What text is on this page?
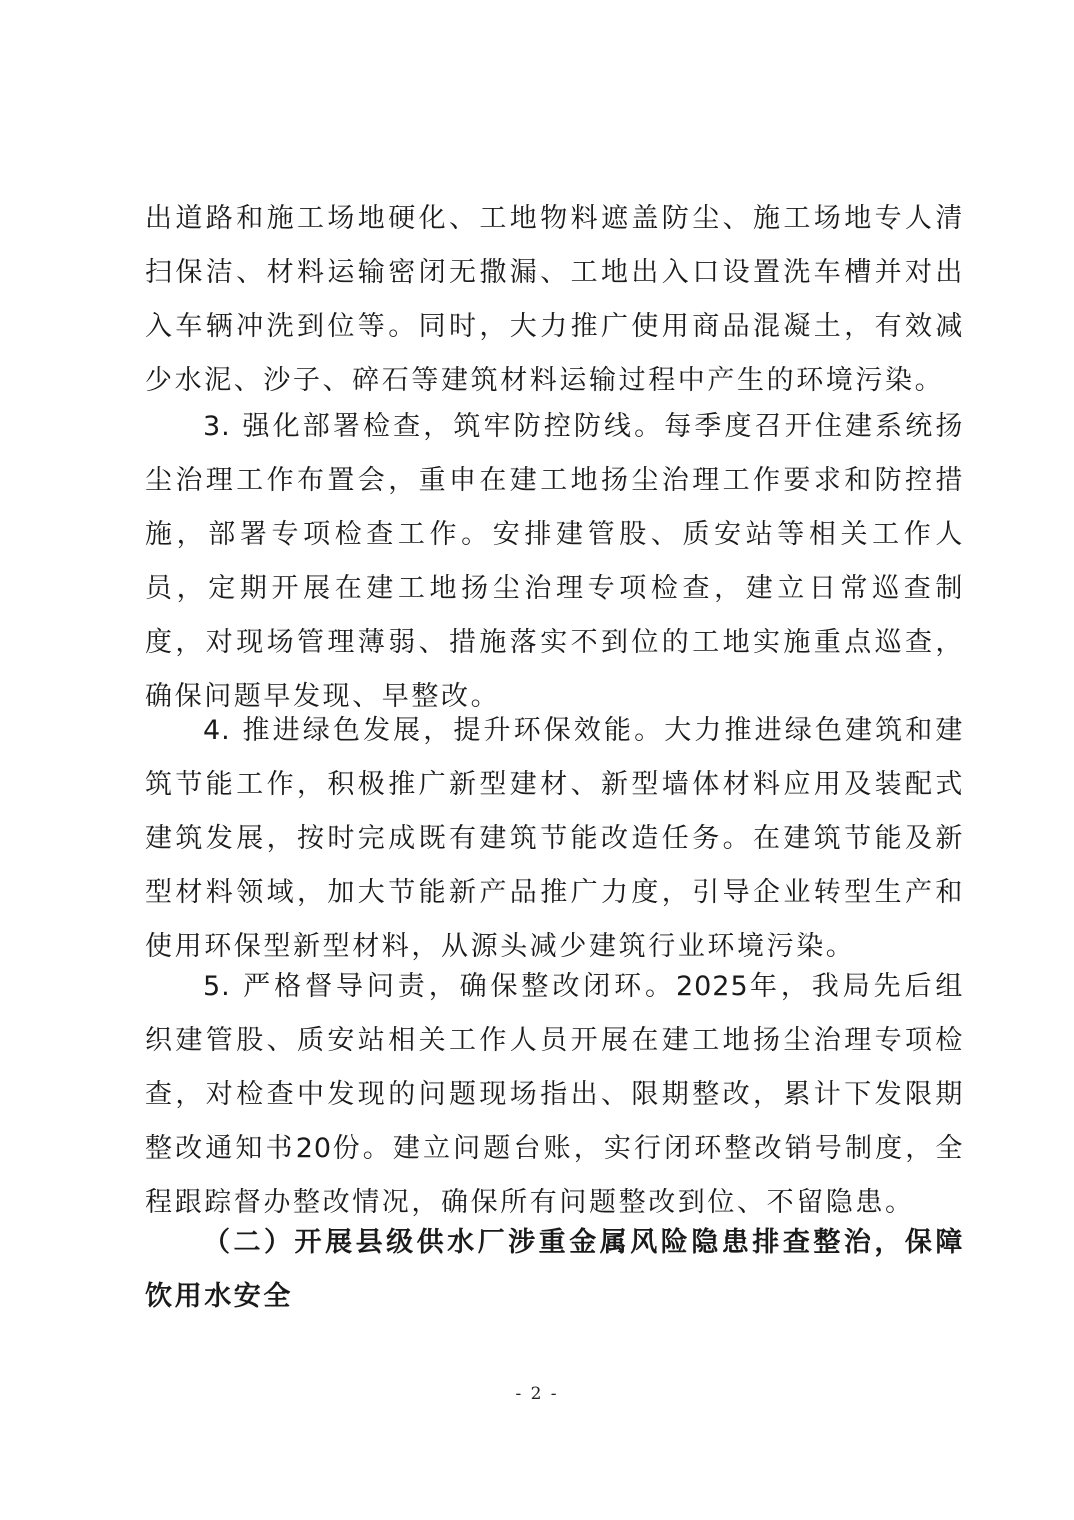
出道路和施工场地硬化、工地物料遮盖防尘、施工场地专人清扫保洁、材料运输密闭无撒漏、工地出入口设置洗车槽并对出入车辆冲洗到位等。同时，大力推广使用商品混凝土，有效减少水泥、沙子、碎石等建筑材料运输过程中产生的环境污染。

3. 强化部署检查，筑牢防控防线。每季度召开住建系统扬尘治理工作布置会，重申在建工地扬尘治理工作要求和防控措施，部署专项检查工作。安排建管股、质安站等相关工作人员，定期开展在建工地扬尘治理专项检查，建立日常巡查制度，对现场管理薄弱、措施落实不到位的工地实施重点巡查，确保问题早发现、早整改。

4. 推进绿色发展，提升环保效能。大力推进绿色建筑和建筑节能工作，积极推广新型建材、新型墙体材料应用及装配式建筑发展，按时完成既有建筑节能改造任务。在建筑节能及新型材料领域，加大节能新产品推广力度，引导企业转型生产和使用环保型新型材料，从源头减少建筑行业环境污染。

5. 严格督导问责，确保整改闭环。2025年，我局先后组织建管股、质安站相关工作人员开展在建工地扬尘治理专项检查，对检查中发现的问题现场指出、限期整改，累计下发限期整改通知书20份。建立问题台账，实行闭环整改销号制度，全程跟踪督办整改情况，确保所有问题整改到位、不留隐患。

（二）开展县级供水厂涉重金属风险隐患排查整治，保障饮用水安全

- 2 -
